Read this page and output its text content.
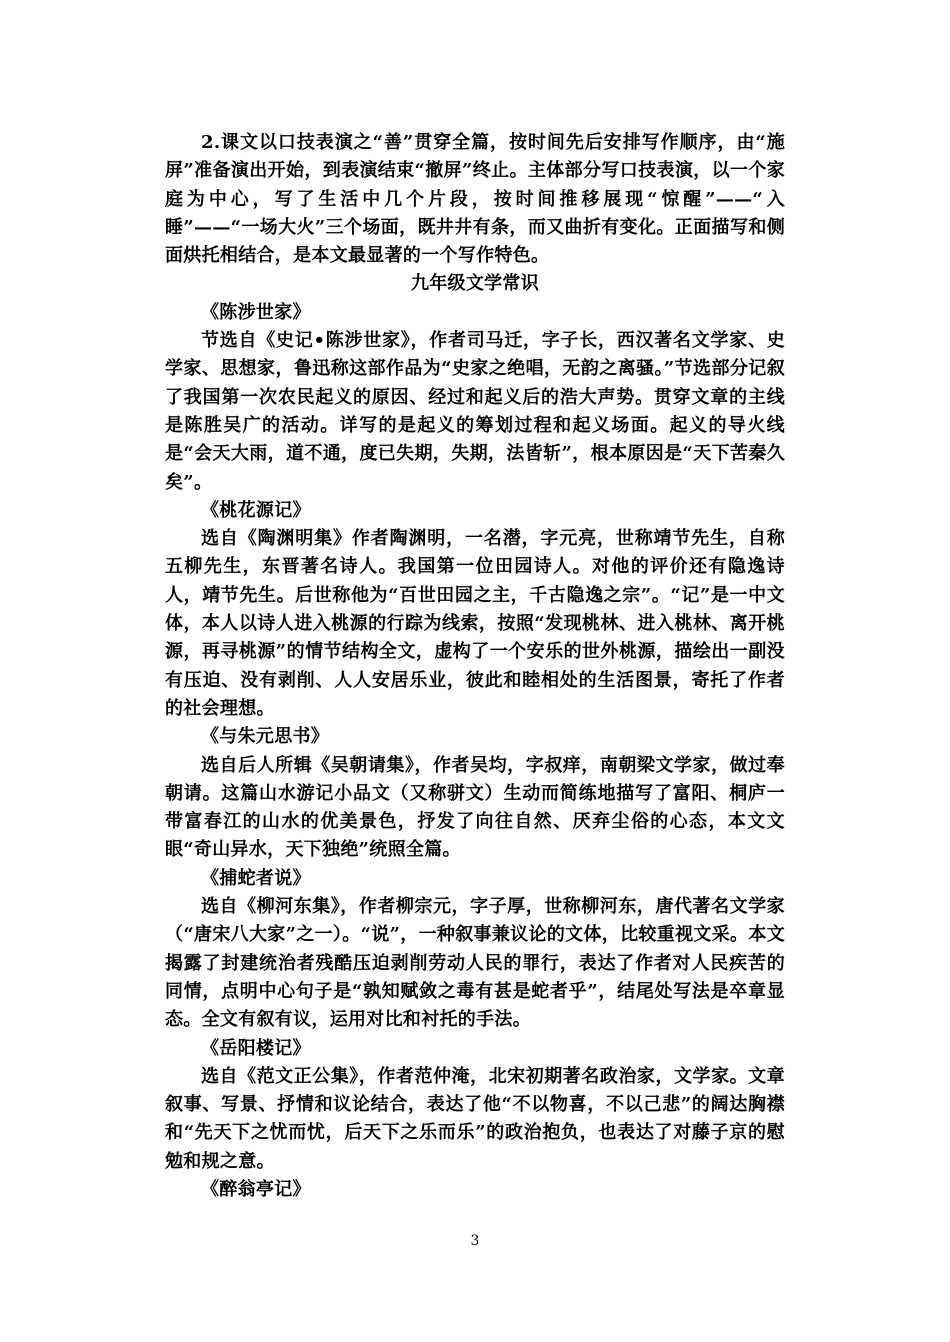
2.课文以口技表演之“善”贯穿全篇，按时间先后安排写作顺序，由“施屏”准备演出开始，到表演结束“撤屏”终止。主体部分写口技表演，以一个家庭为中心，写了生活中几个片段，按时间推移展现“惊醒”——“入睡”——“一场大火”三个场面，既井井有条，而又曲折有变化。正面描写和侧面烘托相结合，是本文最显著的一个写作特色。

九年级文学常识

《陈涉世家》

节选自《史记•陈涉世家》，作者司马迁，字子长，西汉著名文学家、史学家、思想家，鲁迅称这部作品为“史家之绝唱，无韵之离骚。”节选部分记叙了我国第一次农民起义的原因、经过和起义后的浩大声势。贯穿文章的主线是陈胜吴广的活动。详写的是起义的筹划过程和起义场面。起义的导火线是“会天大雨，道不通，度已失期，失期，法皆斩”，根本原因是“天下苦秦久矣”。

《桃花源记》

选自《陶渊明集》作者陶渊明，一名潜，字元亮，世称靖节先生，自称五柳先生，东晋著名诗人。我国第一位田园诗人。对他的评价还有隐逸诗人，靖节先生。后世称他为“百世田园之主，千古隐逸之宗”。“记”是一中文体，本人以诗人进入桃源的行踪为线索，按照“发现桃林、进入桃林、离开桃源，再寻桃源”的情节结构全文，虚构了一个安乐的世外桃源，描绘出一副没有压迫、没有剥削、人人安居乐业，彼此和睦相处的生活图景，寄托了作者的社会理想。

《与朱元思书》

选自后人所辑《吴朝请集》，作者吴均，字叔痒，南朝梁文学家，做过奉朝请。这篇山水游记小品文（又称骈文）生动而简练地描写了富阳、桐庐一带富春江的山水的优美景色，抒发了向往自然、厌弃尘俗的心态，本文文眼“奇山异水，天下独绝”统照全篇。

《捕蛇者说》

选自《柳河东集》，作者柳宗元，字子厚，世称柳河东，唐代著名文学家（“唐宋八大家”之一）。“说”，一种叙事兼议论的文体，比较重视文采。本文揭露了封建统治者残酷压迫剥削劳动人民的罪行，表达了作者对人民疾苦的同情，点明中心句子是“孰知赋敛之毒有甚是蛇者乎”，结尾处写法是卒章显态。全文有叙有议，运用对比和衬托的手法。

《岳阳楼记》

选自《范文正公集》，作者范仲淹，北宋初期著名政治家，文学家。文章叙事、写景、抒情和议论结合，表达了他“不以物喜，不以己悲”的阔达胸襟和“先天下之忧而忧，后天下之乐而乐”的政治抱负，也表达了对藤子京的慰勉和规之意。

《醉翁亭记》

3
